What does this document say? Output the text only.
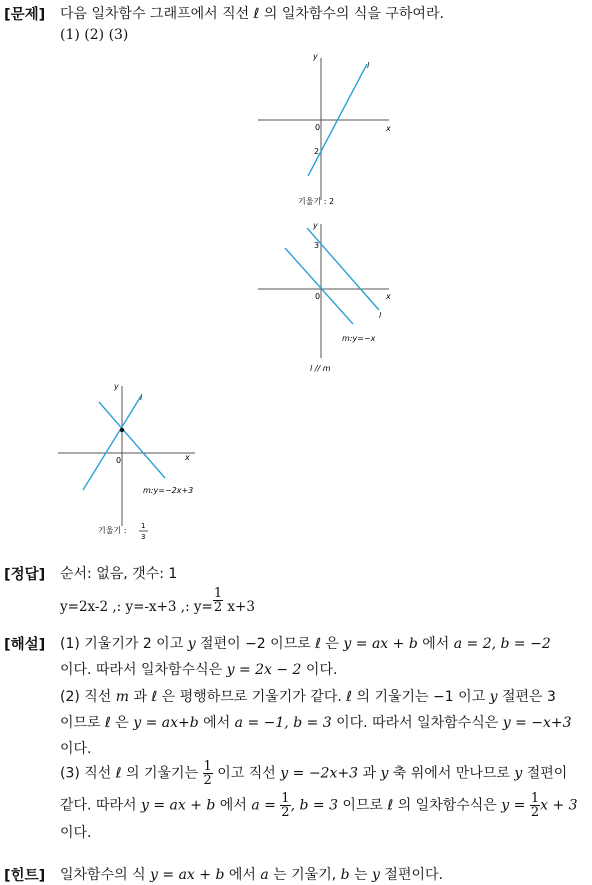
[문제] 다음 일차함수 그래프에서 직선 ℓ 의 일차함수의 식을 구하여라.
(1) (2) (3)
y
x
0
l
2
기울기 : 2
y
x
0
3
l
m:y=−x
l // m
y
x
0
l
m:y=−2x+3
기울기 : 1
3
[정답] 순서: 없음, 갯수: 1
y=2x-2 ,: y=-x+3 ,: $y= \frac{1}{2} x+3$
[해설] (1) 기울기가 2 이고 y 절편이 −2 이므로 ℓ 은 y = ax + b 에서 a = 2, b = −2
이다. 따라서 일차함수식은 y = 2x − 2 이다.
(2) 직선 m 과 ℓ 은 평행하므로 기울기가 같다. ℓ 의 기울기는 −1 이고 y 절편은 3
이므로 ℓ 은 y = ax+b 에서 a = −1, b = 3 이다. 따라서 일차함수식은 y = −x+3
이다.
(3) 직선 ℓ 의 기울기는 $\frac{1}{2}$ 이고 직선 y = −2x+3 과 y 축 위에서 만나므로 y 절편이
같다. 따라서 y = ax + b 에서 $a = \frac{1}{2}$ , b = 3 이므로 ℓ 의 일차함수식은 $y = \frac{1}{2}$ x + 3
이다.
[힌트] 일차함수의 식 y = ax + b 에서 a 는 기울기, b 는 y 절편이다.
